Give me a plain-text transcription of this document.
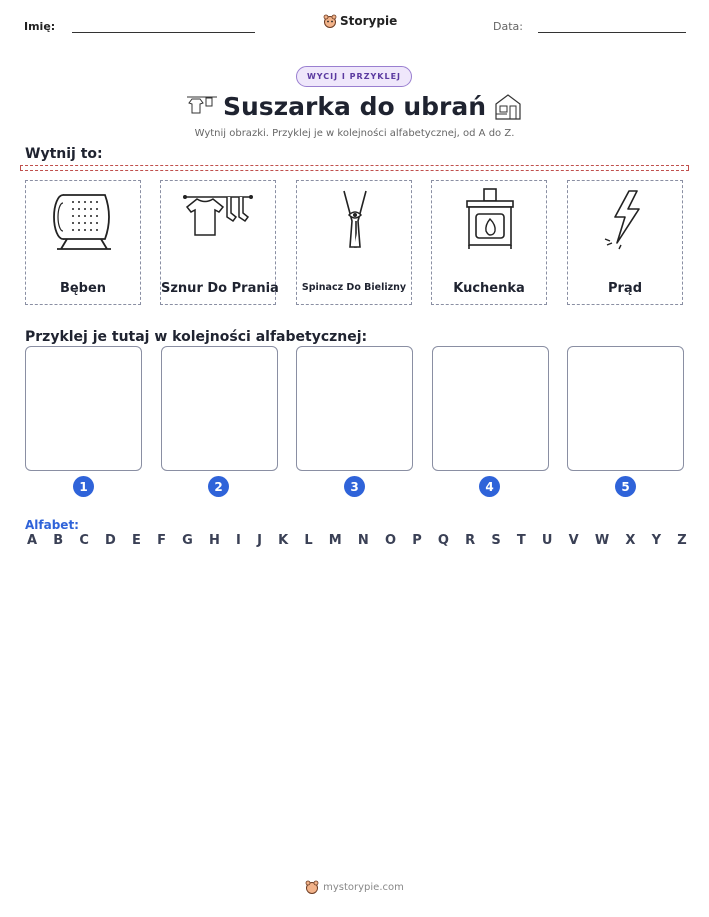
Imię:	Storypie	Data:
WYCIJ I PRZYKLEJ
Suszarka do ubrań
Wytnij obrazki. Przyklej je w kolejności alfabetycznej, od A do Z.
Wytnij to:
Bęben	Sznur Do Prania	Spinacz Do Bielizny	Kuchenka	Prąd
Przyklej je tutaj w kolejności alfabetycznej:
1	2	3	4	5
Alfabet:
A B C D E F G H I J K L M N O P Q R S T U V W X Y Z
mystorypie.com
